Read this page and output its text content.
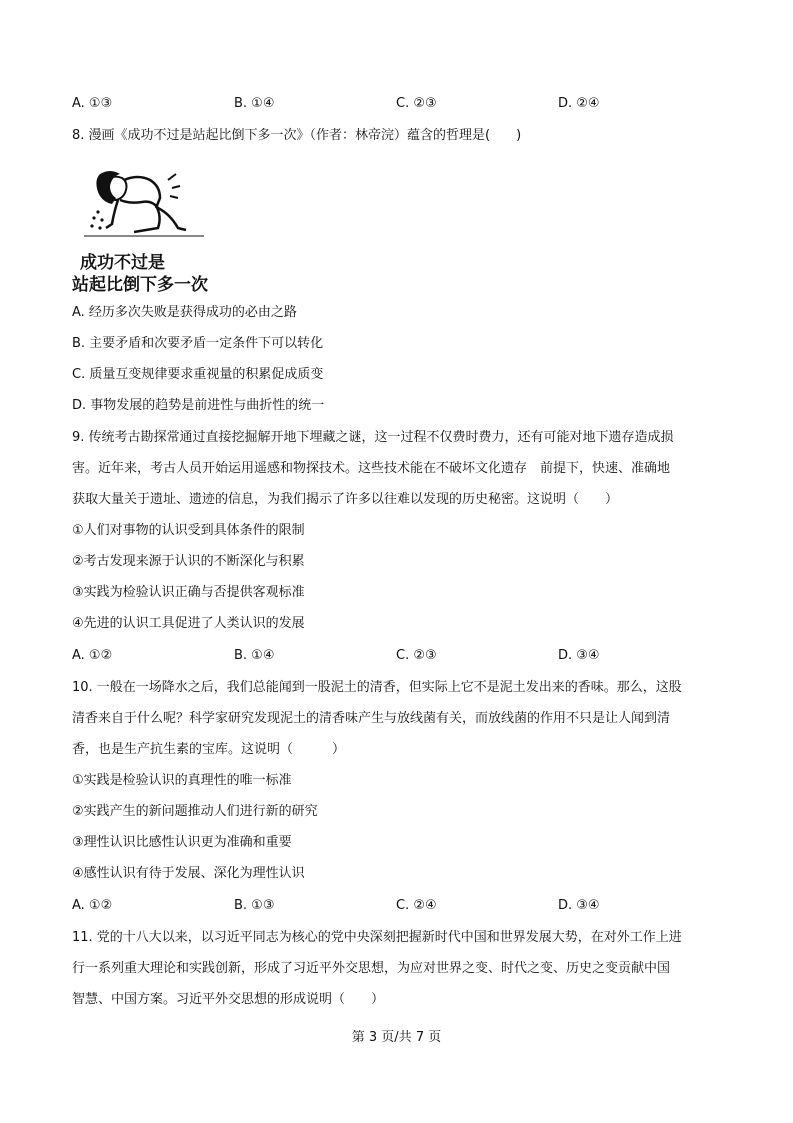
A. ①③	B. ①④	C. ②③	D. ②④
8. 漫画《成功不过是站起比倒下多一次》（作者：林帝浣）蕴含的哲理是(　　)
成功不过是
站起比倒下多一次
A. 经历多次失败是获得成功的必由之路
B. 主要矛盾和次要矛盾一定条件下可以转化
C. 质量互变规律要求重视量的积累促成质变
D. 事物发展的趋势是前进性与曲折性的统一
9. 传统考古勘探常通过直接挖掘解开地下埋藏之谜，这一过程不仅费时费力，还有可能对地下遗存造成损
害。近年来，考古人员开始运用遥感和物探技术。这些技术能在不破坏文化遗存　前提下，快速、准确地
获取大量关于遗址、遗迹的信息，为我们揭示了许多以往难以发现的历史秘密。这说明（　　）
①人们对事物的认识受到具体条件的限制
②考古发现来源于认识的不断深化与积累
③实践为检验认识正确与否提供客观标准
④先进的认识工具促进了人类认识的发展
A. ①②	B. ①④	C. ②③	D. ③④
10. 一般在一场降水之后，我们总能闻到一股泥土的清香，但实际上它不是泥土发出来的香味。那么，这股
清香来自于什么呢？科学家研究发现泥土的清香味产生与放线菌有关，而放线菌的作用不只是让人闻到清
香，也是生产抗生素的宝库。这说明（　　　）
①实践是检验认识的真理性的唯一标准
②实践产生的新问题推动人们进行新的研究
③理性认识比感性认识更为准确和重要
④感性认识有待于发展、深化为理性认识
A. ①②	B. ①③	C. ②④	D. ③④
11. 党的十八大以来，以习近平同志为核心的党中央深刻把握新时代中国和世界发展大势，在对外工作上进
行一系列重大理论和实践创新，形成了习近平外交思想，为应对世界之变、时代之变、历史之变贡献中国
智慧、中国方案。习近平外交思想的形成说明（　　）
第 3 页/共 7 页
